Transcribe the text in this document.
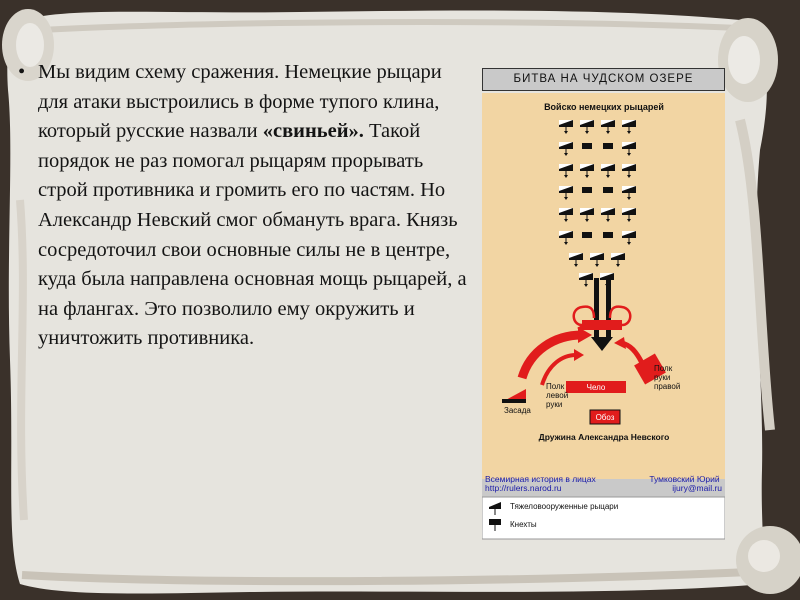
• Мы видим схему сражения. Немецкие рыцари для атаки выстроились в форме тупого клина, который русские назвали «свиньей». Такой порядок не раз помогал рыцарям прорывать строй противника и громить его по частям. Но Александр Невский смог обмануть врага. Князь сосредоточил свои основные силы не в центре, куда была направлена основная мощь рыцарей, а на флангах. Это позволило ему окружить и уничтожить противника.
БИТВА НА ЧУДСКОМ ОЗЕРЕ
Войско немецких рыцарей
Чело
Засада
Полк левой руки
Полк руки правой
Обоз
Дружина Александра Невского
Всемирная история в лицах http://rulers.narod.ru
Тумковский Юрий ijury@mail.ru
Тяжеловооруженные рыцари
Кнехты
